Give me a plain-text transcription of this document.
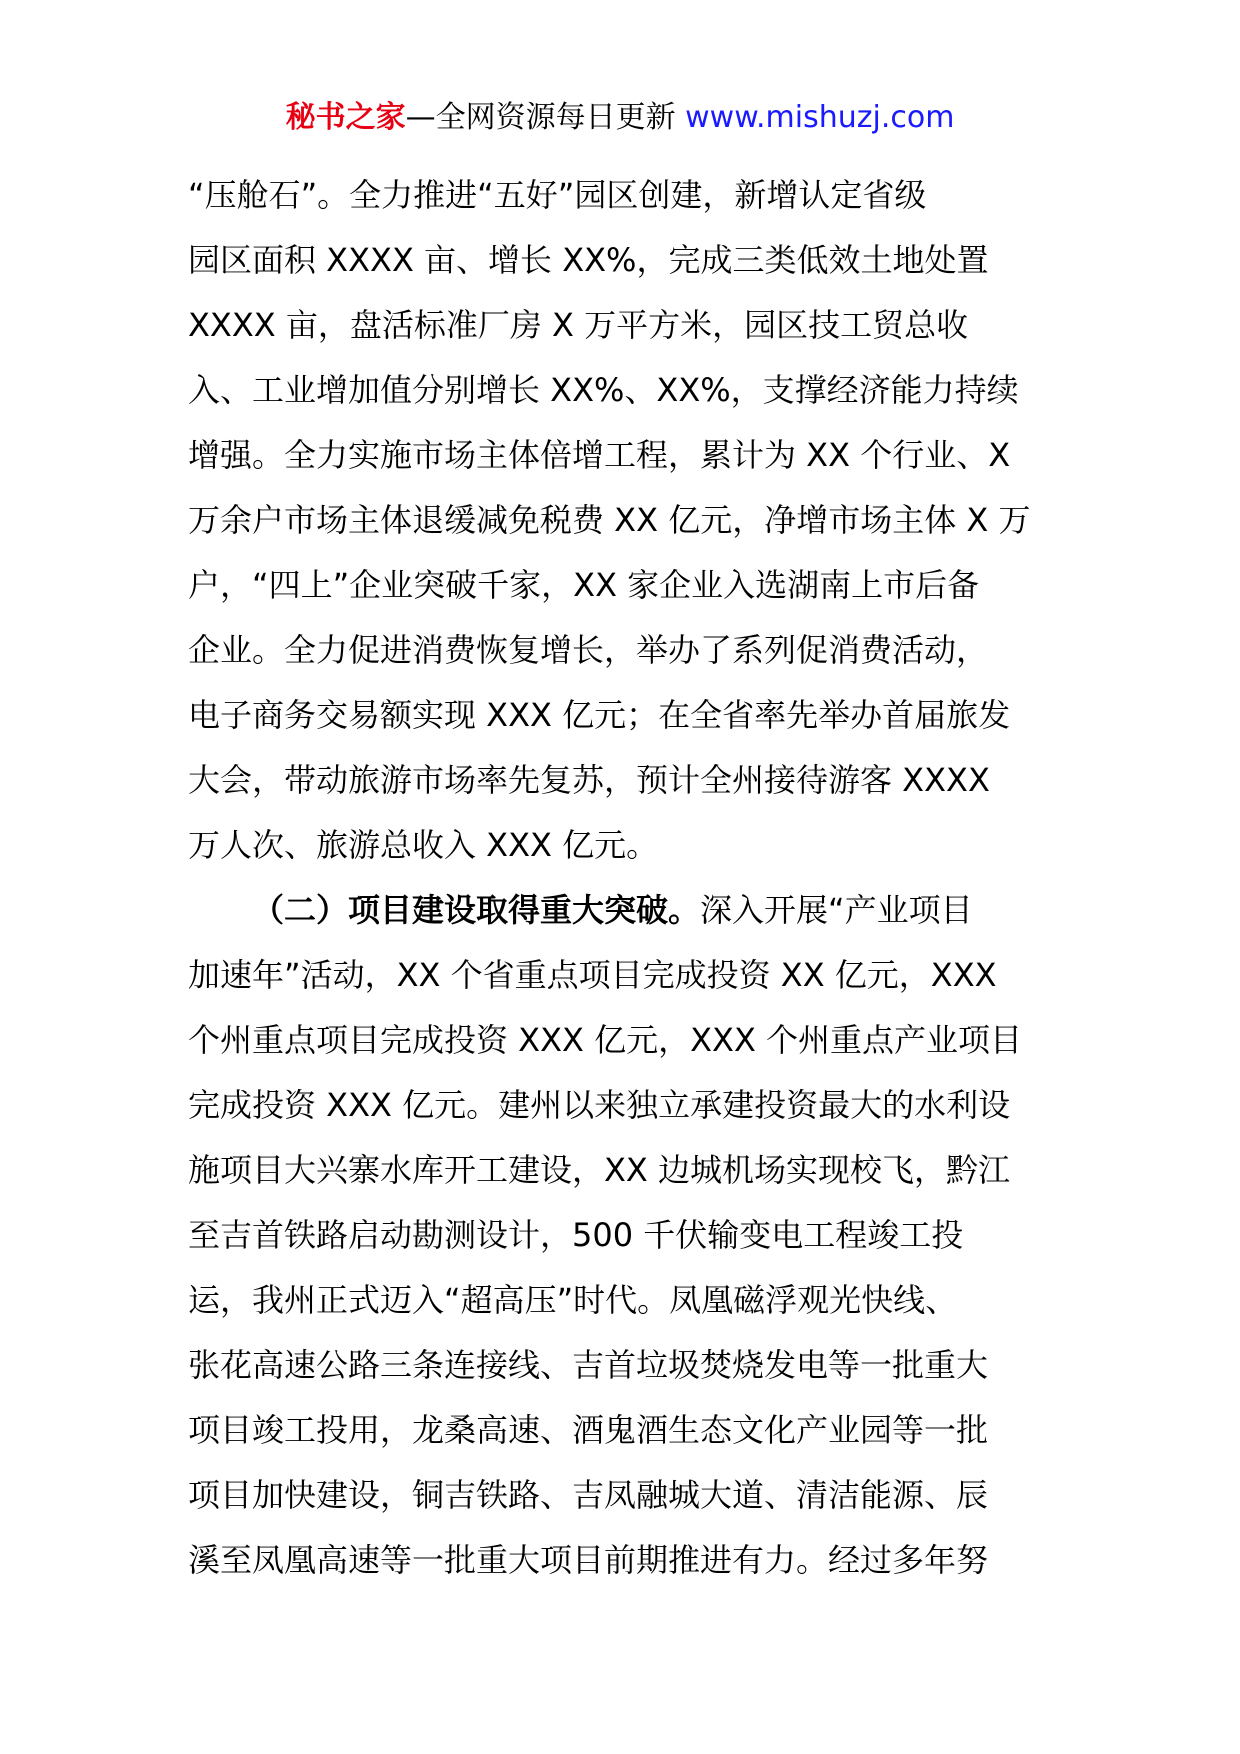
秘书之家—全网资源每日更新 www.mishuzj.com
“压舱石”。全力推进“五好”园区创建，新增认定省级
园区面积 XXXX 亩、增长 XX%，完成三类低效土地处置
XXXX 亩，盘活标准厂房 X 万平方米，园区技工贸总收
入、工业增加值分别增长 XX%、XX%，支撑经济能力持续
增强。全力实施市场主体倍增工程，累计为 XX 个行业、X
万余户市场主体退缓减免税费 XX 亿元，净增市场主体 X 万
户，“四上”企业突破千家，XX 家企业入选湖南上市后备
企业。全力促进消费恢复增长，举办了系列促消费活动，
电子商务交易额实现 XXX 亿元；在全省率先举办首届旅发
大会，带动旅游市场率先复苏，预计全州接待游客 XXXX
万人次、旅游总收入 XXX 亿元。
（二）项目建设取得重大突破。深入开展“产业项目
加速年”活动，XX 个省重点项目完成投资 XX 亿元，XXX
个州重点项目完成投资 XXX 亿元，XXX 个州重点产业项目
完成投资 XXX 亿元。建州以来独立承建投资最大的水利设
施项目大兴寨水库开工建设，XX 边城机场实现校飞，黔江
至吉首铁路启动勘测设计，500 千伏输变电工程竣工投
运，我州正式迈入“超高压”时代。凤凰磁浮观光快线、
张花高速公路三条连接线、吉首垃圾焚烧发电等一批重大
项目竣工投用，龙桑高速、酒鬼酒生态文化产业园等一批
项目加快建设，铜吉铁路、吉凤融城大道、清洁能源、辰
溪至凤凰高速等一批重大项目前期推进有力。经过多年努
